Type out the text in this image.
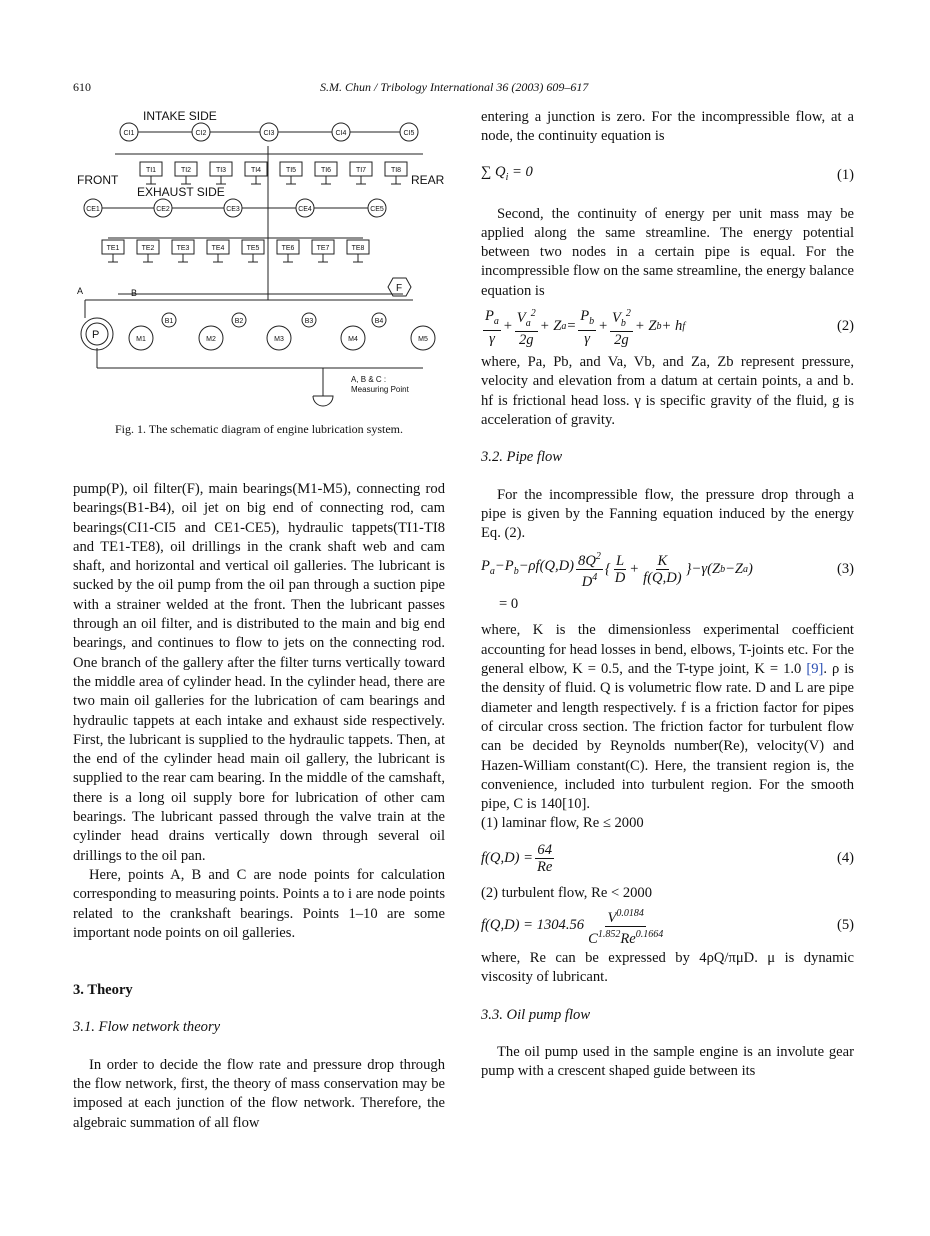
610	S.M. Chun / Tribology International 36 (2003) 609–617
INTAKE SIDE
EXHAUST SIDE
FRONT	REAR
A, B & C :
Measuring Point
P
A	B	F
CI1	CI2	CI3	CI4	CI5
TI1	TI2	TI3	TI4	TI5	TI6	TI7	TI8
CE1	CE2	CE3	CE4	CE5
TE1	TE2	TE3	TE4	TE5	TE6	TE7	TE8
M1	M2	M3	M4	M5
B1	B2	B3	B4
Fig. 1. The schematic diagram of engine lubrication system.

pump(P), oil filter(F), main bearings(M1-M5), connecting rod bearings(B1-B4), oil jet on big end of connecting rod, cam bearings(CI1-CI5 and CE1-CE5), hydraulic tappets(TI1-TI8 and TE1-TE8), oil drillings in the crank shaft web and cam shaft, and horizontal and vertical oil galleries. The lubricant is sucked by the oil pump from the oil pan through a suction pipe with a strainer welded at the front. Then the lubricant passes through an oil filter, and is distributed to the main and big end bearings, and continues to flow to jets on the connecting rod. One branch of the gallery after the filter turns vertically toward the middle area of cylinder head. In the cylinder head, there are two main oil galleries for the lubrication of cam bearings and hydraulic tappets at each intake and exhaust side respectively. First, the lubricant is supplied to the hydraulic tappets. Then, at the end of the cylinder head main oil gallery, the lubricant is supplied to the rear cam bearing. In the middle of the camshaft, there is a long oil supply bore for lubrication of other cam bearings. The lubricant passed through the valve train at the cylinder head drains vertically down through several oil drillings to the oil pan.

Here, points A, B and C are node points for calculation corresponding to measuring points. Points a to i are node points related to the crankshaft bearings. Points 1–10 are some important node points on oil galleries.

3. Theory

3.1. Flow network theory

In order to decide the flow rate and pressure drop through the flow network, first, the theory of mass conservation may be imposed at each junction of the flow network. Therefore, the algebraic summation of all flow

entering a junction is zero. For the incompressible flow, at a node, the continuity equation is

∑ $Q_i = 0$	(1)

Second, the continuity of energy per unit mass may be applied along the same streamline. The energy potential between two nodes in a certain pipe is equal. For the incompressible flow on the same streamline, the energy balance equation is

$\frac{P_a}{\gamma} + \frac{V_a^2}{2g} + Z$ $a = \frac{P_b}{\gamma} + \frac{V_b^2}{2g} + Z$ b + h f	(2)

where, Pa, Pb, and Va, Vb, and Za, Zb represent pressure, velocity and elevation from a datum at certain points, a and b. hf is frictional head loss. γ is specific gravity of the fluid, g is acceleration of gravity.

3.2. Pipe flow

For the incompressible flow, the pressure drop through a pipe is given by the Fanning equation induced by the energy Eq. (2).

$P_a-P_b-\rho f(Q,D) \frac{8Q^2}{D^4}$ { $\frac{L}{D} + \frac{K}{f(Q,D)} \}-\gamma(Z$ b −Z a )	(3)

= 0

where, K is the dimensionless experimental coefficient accounting for head losses in bend, elbows, T-joints etc. For the general elbow, K = 0.5, and the T-type joint, K = 1.0 [9]. ρ is the density of fluid. Q is volumetric flow rate. D and L are pipe diameter and length respectively. f is a friction factor for pipes of circular cross section. The friction factor for turbulent flow can be decided by Reynolds number(Re), velocity(V) and Hazen-William constant(C). Here, the transient region is, the convenience, included into turbulent region. For the smooth pipe, C is 140[10].

(1) laminar flow, Re ≤ 2000

$f(Q,D) = \frac{64}{Re}$	(4)

(2) turbulent flow, Re < 2000

$f(Q,D) = 1304.56 \frac{V^{0.0184}}{C^{1.852}Re^{0.1664}}$	(5)

where, Re can be expressed by 4ρQ/πμD. μ is dynamic viscosity of lubricant.

3.3. Oil pump flow

The oil pump used in the sample engine is an involute gear pump with a crescent shaped guide between its
